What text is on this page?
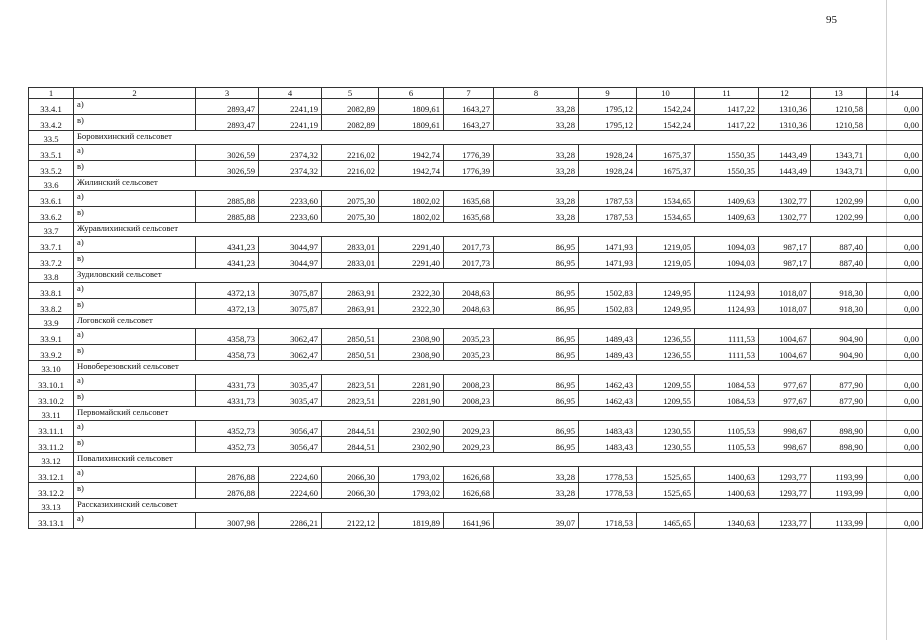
95
1	2	3	4	5	6	7	8	9	10	11	12	13	14
33.4.1	а)	2893,47	2241,19	2082,89	1809,61	1643,27	33,28	1795,12	1542,24	1417,22	1310,36	1210,58	0,00
33.4.2	в)	2893,47	2241,19	2082,89	1809,61	1643,27	33,28	1795,12	1542,24	1417,22	1310,36	1210,58	0,00
33.5	Боровихинский сельсовет												
33.5.1	а)	3026,59	2374,32	2216,02	1942,74	1776,39	33,28	1928,24	1675,37	1550,35	1443,49	1343,71	0,00
33.5.2	в)	3026,59	2374,32	2216,02	1942,74	1776,39	33,28	1928,24	1675,37	1550,35	1443,49	1343,71	0,00
33.6	Жилинский сельсовет												
33.6.1	а)	2885,88	2233,60	2075,30	1802,02	1635,68	33,28	1787,53	1534,65	1409,63	1302,77	1202,99	0,00
33.6.2	в)	2885,88	2233,60	2075,30	1802,02	1635,68	33,28	1787,53	1534,65	1409,63	1302,77	1202,99	0,00
33.7	Журавлихинский сельсовет												
33.7.1	а)	4341,23	3044,97	2833,01	2291,40	2017,73	86,95	1471,93	1219,05	1094,03	987,17	887,40	0,00
33.7.2	в)	4341,23	3044,97	2833,01	2291,40	2017,73	86,95	1471,93	1219,05	1094,03	987,17	887,40	0,00
33.8	Зудиловский сельсовет												
33.8.1	а)	4372,13	3075,87	2863,91	2322,30	2048,63	86,95	1502,83	1249,95	1124,93	1018,07	918,30	0,00
33.8.2	в)	4372,13	3075,87	2863,91	2322,30	2048,63	86,95	1502,83	1249,95	1124,93	1018,07	918,30	0,00
33.9	Логовской сельсовет												
33.9.1	а)	4358,73	3062,47	2850,51	2308,90	2035,23	86,95	1489,43	1236,55	1111,53	1004,67	904,90	0,00
33.9.2	в)	4358,73	3062,47	2850,51	2308,90	2035,23	86,95	1489,43	1236,55	1111,53	1004,67	904,90	0,00
33.10	Новоберезовский сельсовет												
33.10.1	а)	4331,73	3035,47	2823,51	2281,90	2008,23	86,95	1462,43	1209,55	1084,53	977,67	877,90	0,00
33.10.2	в)	4331,73	3035,47	2823,51	2281,90	2008,23	86,95	1462,43	1209,55	1084,53	977,67	877,90	0,00
33.11	Первомайский сельсовет												
33.11.1	а)	4352,73	3056,47	2844,51	2302,90	2029,23	86,95	1483,43	1230,55	1105,53	998,67	898,90	0,00
33.11.2	в)	4352,73	3056,47	2844,51	2302,90	2029,23	86,95	1483,43	1230,55	1105,53	998,67	898,90	0,00
33.12	Повалихинский сельсовет												
33.12.1	а)	2876,88	2224,60	2066,30	1793,02	1626,68	33,28	1778,53	1525,65	1400,63	1293,77	1193,99	0,00
33.12.2	в)	2876,88	2224,60	2066,30	1793,02	1626,68	33,28	1778,53	1525,65	1400,63	1293,77	1193,99	0,00
33.13	Рассказихинский сельсовет												
33.13.1	а)	3007,98	2286,21	2122,12	1819,89	1641,96	39,07	1718,53	1465,65	1340,63	1233,77	1133,99	0,00
